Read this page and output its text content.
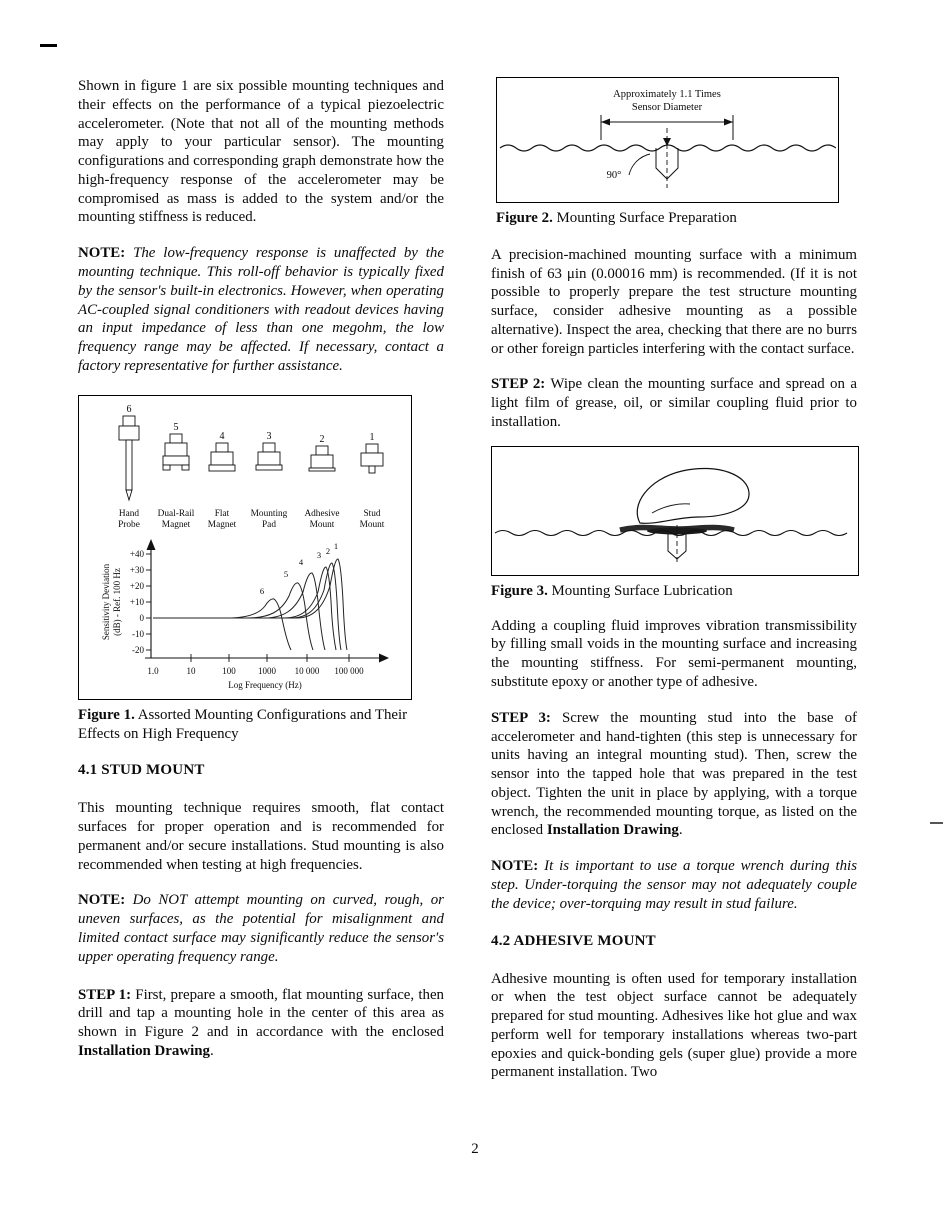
Shown in figure 1 are six possible mounting techniques and their effects on the performance of a typical piezoelectric accelerometer. (Note that not all of the mounting methods may apply to your particular sensor). The mounting configurations and corresponding graph demonstrate how the high-frequency response of the accelerometer may be compromised as mass is added to the system and/or the mounting stiffness is reduced.

NOTE: The low-frequency response is unaffected by the mounting technique. This roll-off behavior is typically fixed by the sensor's built-in electronics. However, when operating AC-coupled signal conditioners with readout devices having an input impedance of less than one megohm, the low frequency range may be affected. If necessary, contact a factory representative for further assistance.

6
5
4	3	2	1
Hand
Probe
Dual-Rail
Magnet
Flat
Magnet
Mounting
Pad
Adhesive
Mount
Stud
Mount
+40
+30
+20
+10
0
-10
-20
1.0	10	100 1000 10 000 100 000
Sensitivity Deviation (dB) - Ref. 100 Hz
Log Frequency (Hz)
6
5
4
3 2 1

Figure 1. Assorted Mounting Configurations and Their Effects on High Frequency

4.1 STUD MOUNT

This mounting technique requires smooth, flat contact surfaces for proper operation and is recommended for permanent and/or secure installations. Stud mounting is also recommended when testing at high frequencies.

NOTE: Do NOT attempt mounting on curved, rough, or uneven surfaces, as the potential for misalignment and limited contact surface may significantly reduce the sensor's upper operating frequency range.

STEP 1: First, prepare a smooth, flat mounting surface, then drill and tap a mounting hole in the center of this area as shown in Figure 2 and in accordance with the enclosed Installation Drawing.

Approximately 1.1 Times
Sensor Diameter
90°

Figure 2. Mounting Surface Preparation

A precision-machined mounting surface with a minimum finish of 63 μin (0.00016 mm) is recommended. (If it is not possible to properly prepare the test structure mounting surface, consider adhesive mounting as a possible alternative). Inspect the area, checking that there are no burrs or other foreign particles interfering with the contact surface.

STEP 2: Wipe clean the mounting surface and spread on a light film of grease, oil, or similar coupling fluid prior to installation.

Figure 3. Mounting Surface Lubrication

Adding a coupling fluid improves vibration transmissibility by filling small voids in the mounting surface and increasing the mounting stiffness. For semi-permanent mounting, substitute epoxy or another type of adhesive.

STEP 3: Screw the mounting stud into the base of accelerometer and hand-tighten (this step is unnecessary for units having an integral mounting stud). Then, screw the sensor into the tapped hole that was prepared in the test object. Tighten the unit in place by applying, with a torque wrench, the recommended mounting torque, as listed on the enclosed Installation Drawing.

NOTE: It is important to use a torque wrench during this step. Under-torquing the sensor may not adequately couple the device; over-torquing may result in stud failure.

4.2 ADHESIVE MOUNT

Adhesive mounting is often used for temporary installation or when the test object surface cannot be adequately prepared for stud mounting. Adhesives like hot glue and wax perform well for temporary installations whereas two-part epoxies and quick-bonding gels (super glue) provide a more permanent installation. Two

2
